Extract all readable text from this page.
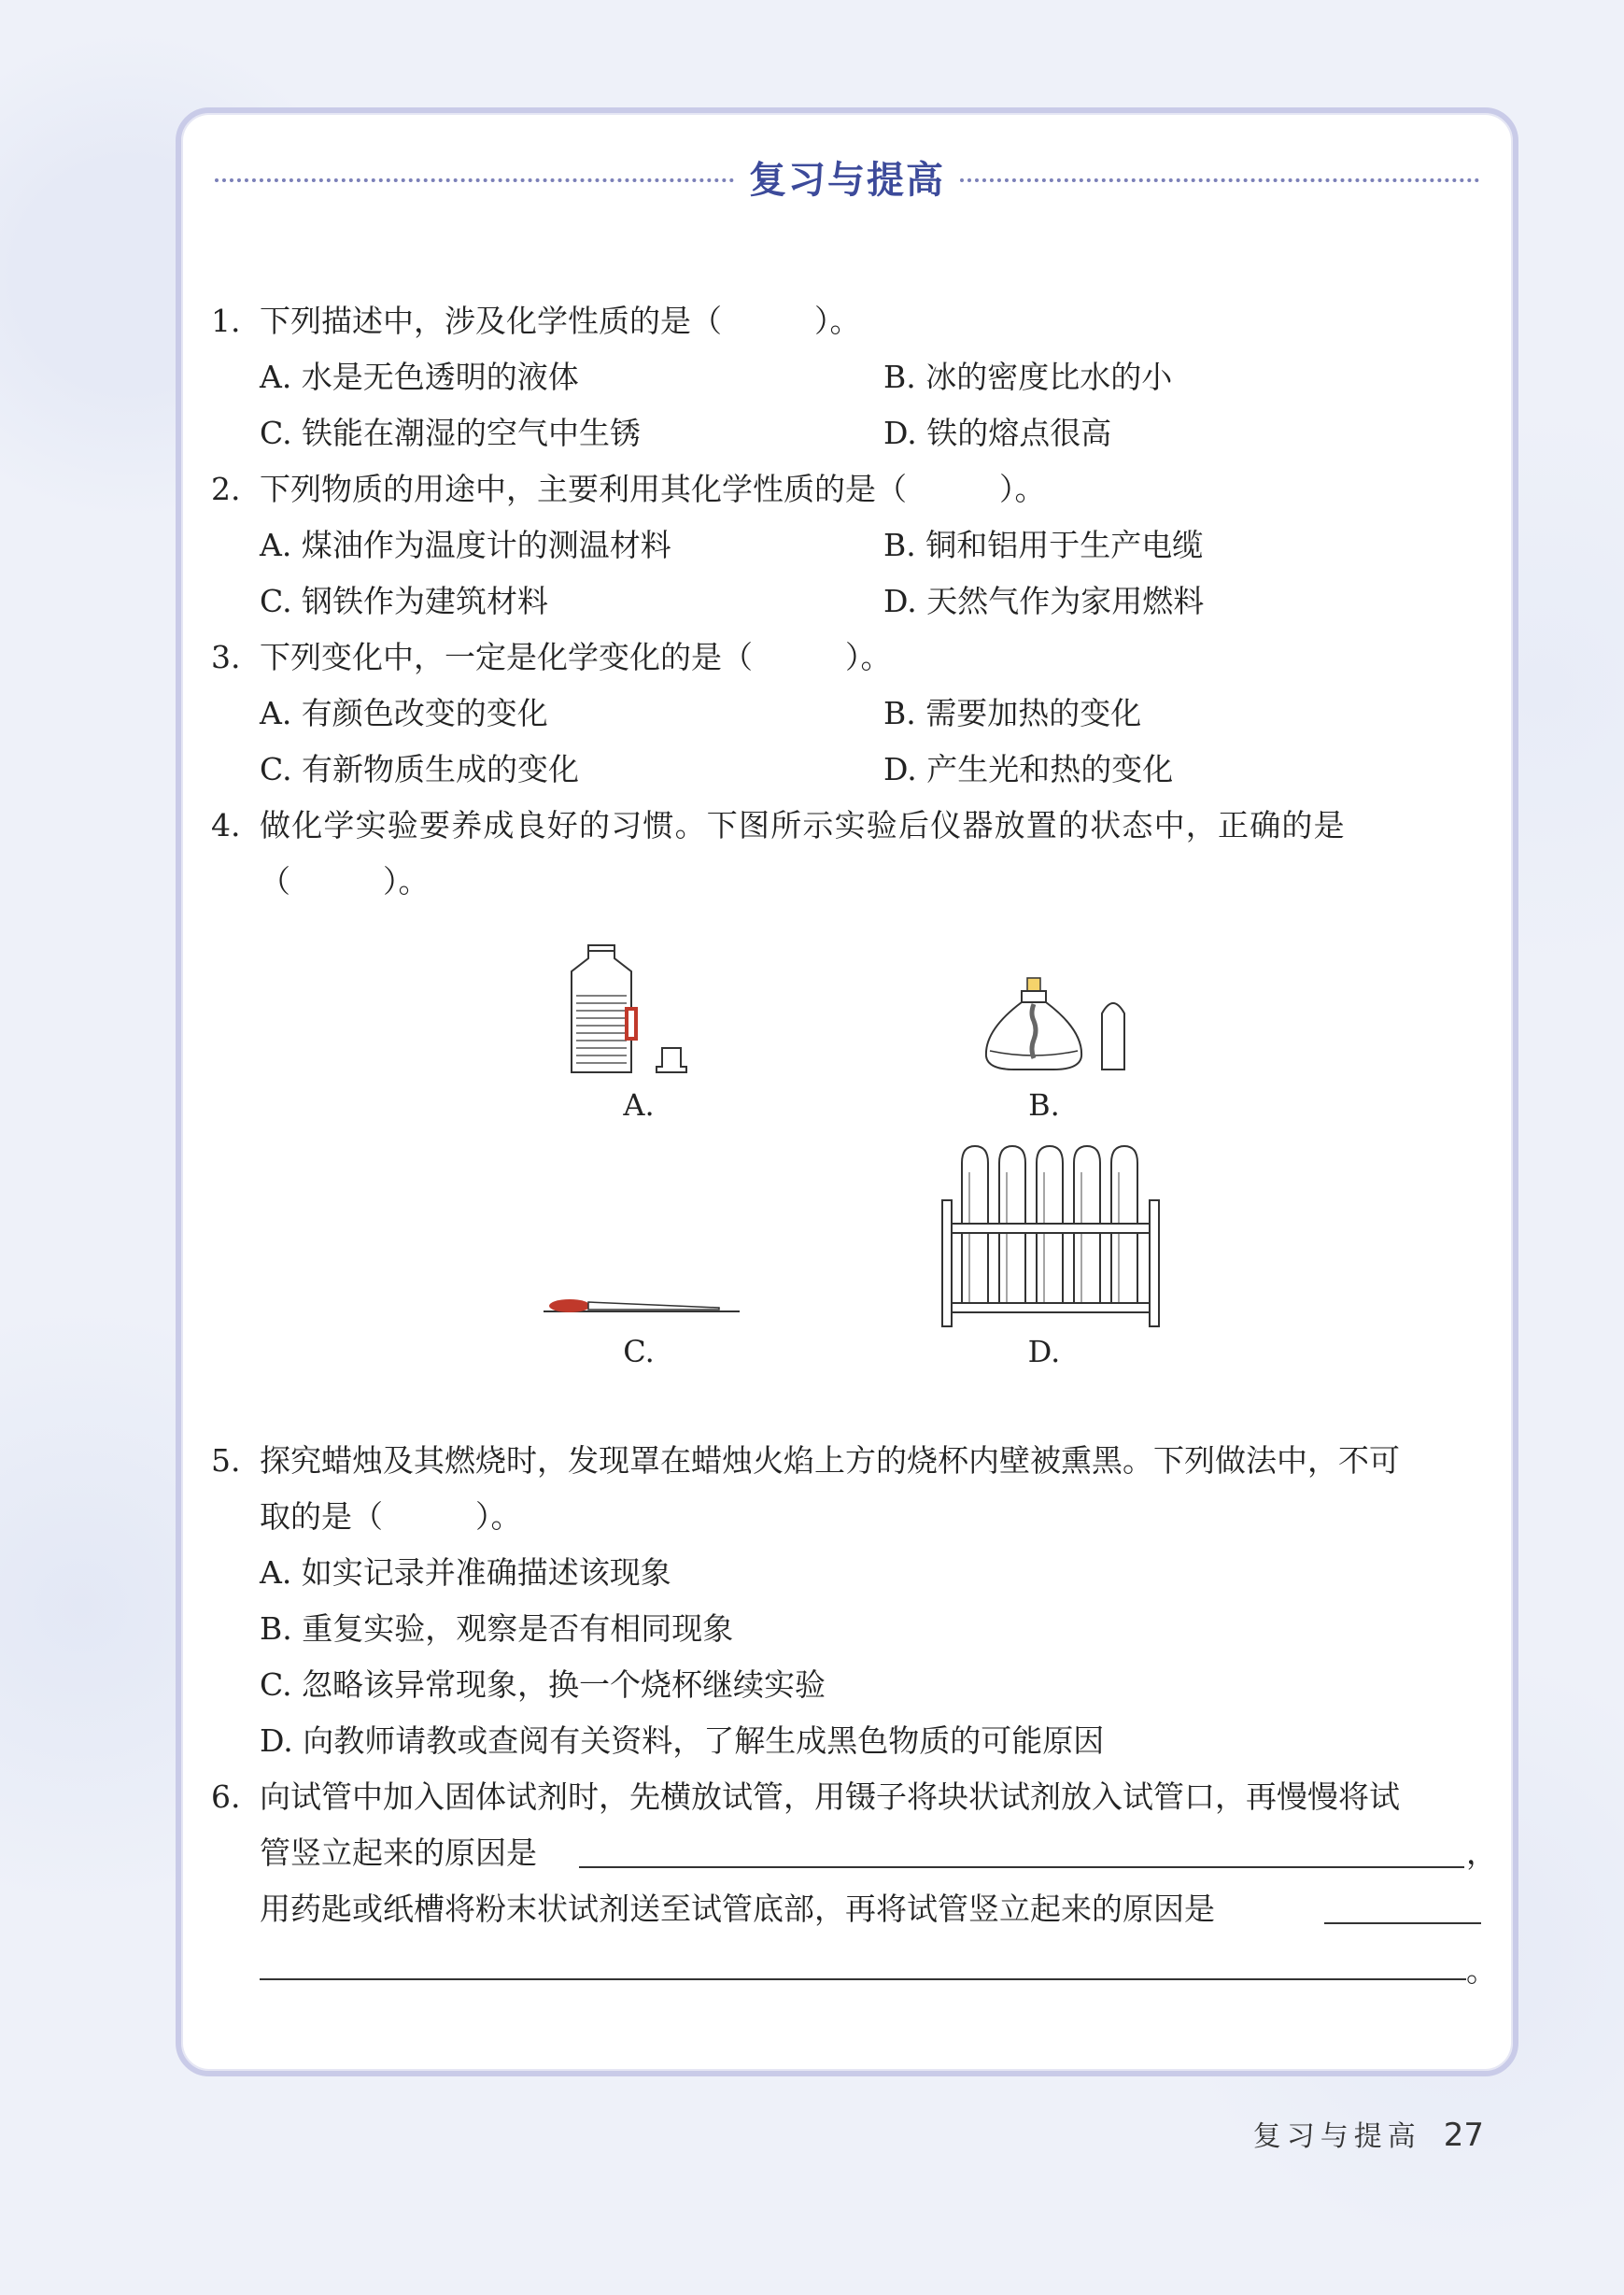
复习与提高
1. 下列描述中，涉及化学性质的是（　　　）。
A. 水是无色透明的液体	B. 冰的密度比水的小
C. 铁能在潮湿的空气中生锈	D. 铁的熔点很高
2. 下列物质的用途中，主要利用其化学性质的是（　　　）。
A. 煤油作为温度计的测温材料	B. 铜和铝用于生产电缆
C. 钢铁作为建筑材料	D. 天然气作为家用燃料
3. 下列变化中，一定是化学变化的是（　　　）。
A. 有颜色改变的变化	B. 需要加热的变化
C. 有新物质生成的变化	D. 产生光和热的变化
4. 做化学实验要养成良好的习惯。下图所示实验后仪器放置的状态中，正确的是
（　　　）。
A.	B.
C.	D.
5. 探究蜡烛及其燃烧时，发现罩在蜡烛火焰上方的烧杯内壁被熏黑。下列做法中，不可
取的是（　　　）。
A. 如实记录并准确描述该现象
B. 重复实验，观察是否有相同现象
C. 忽略该异常现象，换一个烧杯继续实验
D. 向教师请教或查阅有关资料，了解生成黑色物质的可能原因
6. 向试管中加入固体试剂时，先横放试管，用镊子将块状试剂放入试管口，再慢慢将试
管竖立起来的原因是	，
用药匙或纸槽将粉末状试剂送至试管底部，再将试管竖立起来的原因是
。
复习与提高 27
